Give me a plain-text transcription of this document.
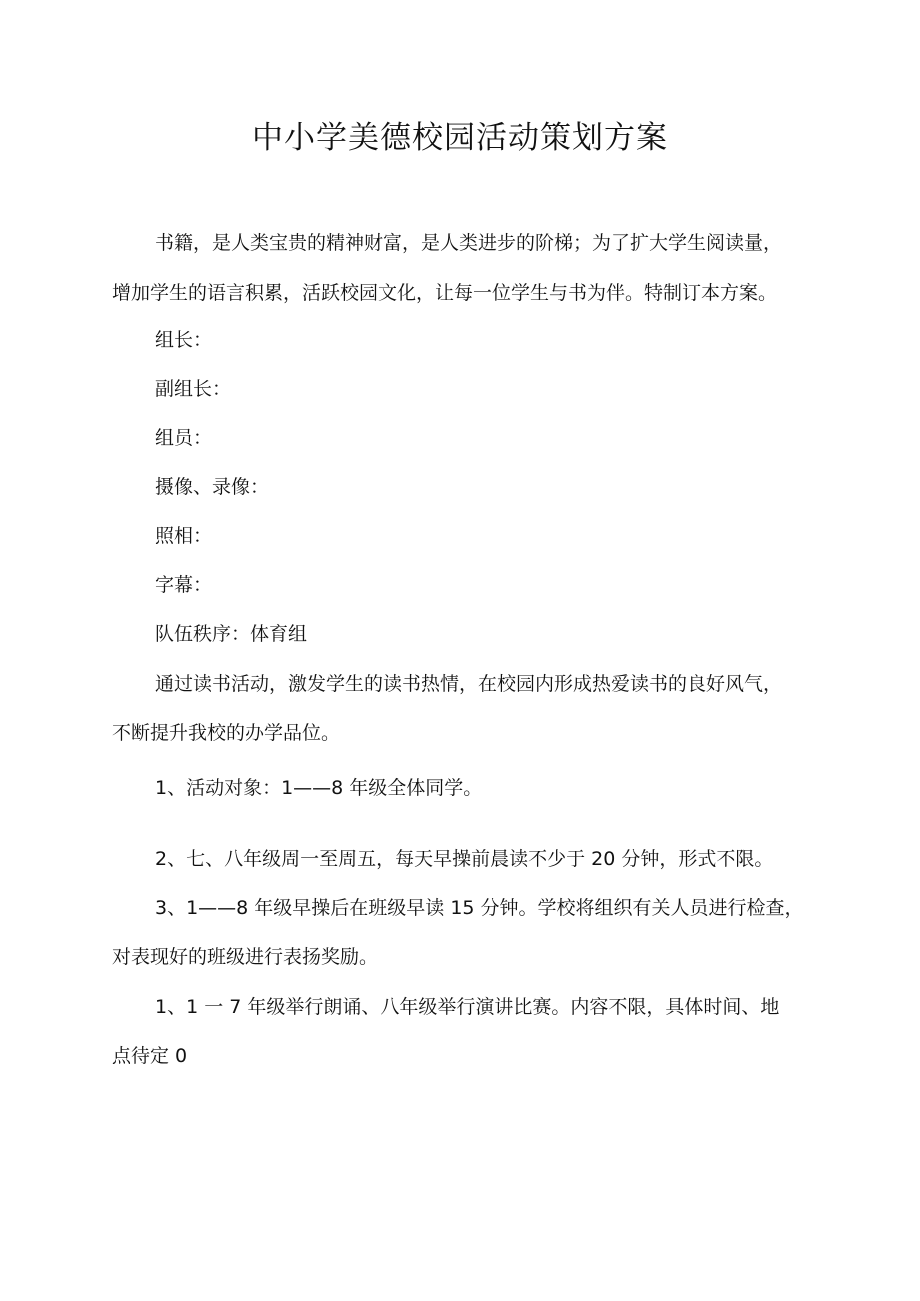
中小学美德校园活动策划方案

书籍，是人类宝贵的精神财富，是人类进步的阶梯；为了扩大学生阅读量，

增加学生的语言积累，活跃校园文化，让每一位学生与书为伴。特制订本方案。

组长：

副组长：

组员：

摄像、录像：

照相：

字幕：

队伍秩序：体育组

通过读书活动，激发学生的读书热情，在校园内形成热爱读书的良好风气，

不断提升我校的办学品位。

1、活动对象：1——8 年级全体同学。

2、七、八年级周一至周五，每天早操前晨读不少于 20 分钟，形式不限。

3、1——8 年级早操后在班级早读 15 分钟。学校将组织有关人员进行检查，

对表现好的班级进行表扬奖励。

1、1 一 7 年级举行朗诵、八年级举行演讲比赛。内容不限，具体时间、地

点待定 0
